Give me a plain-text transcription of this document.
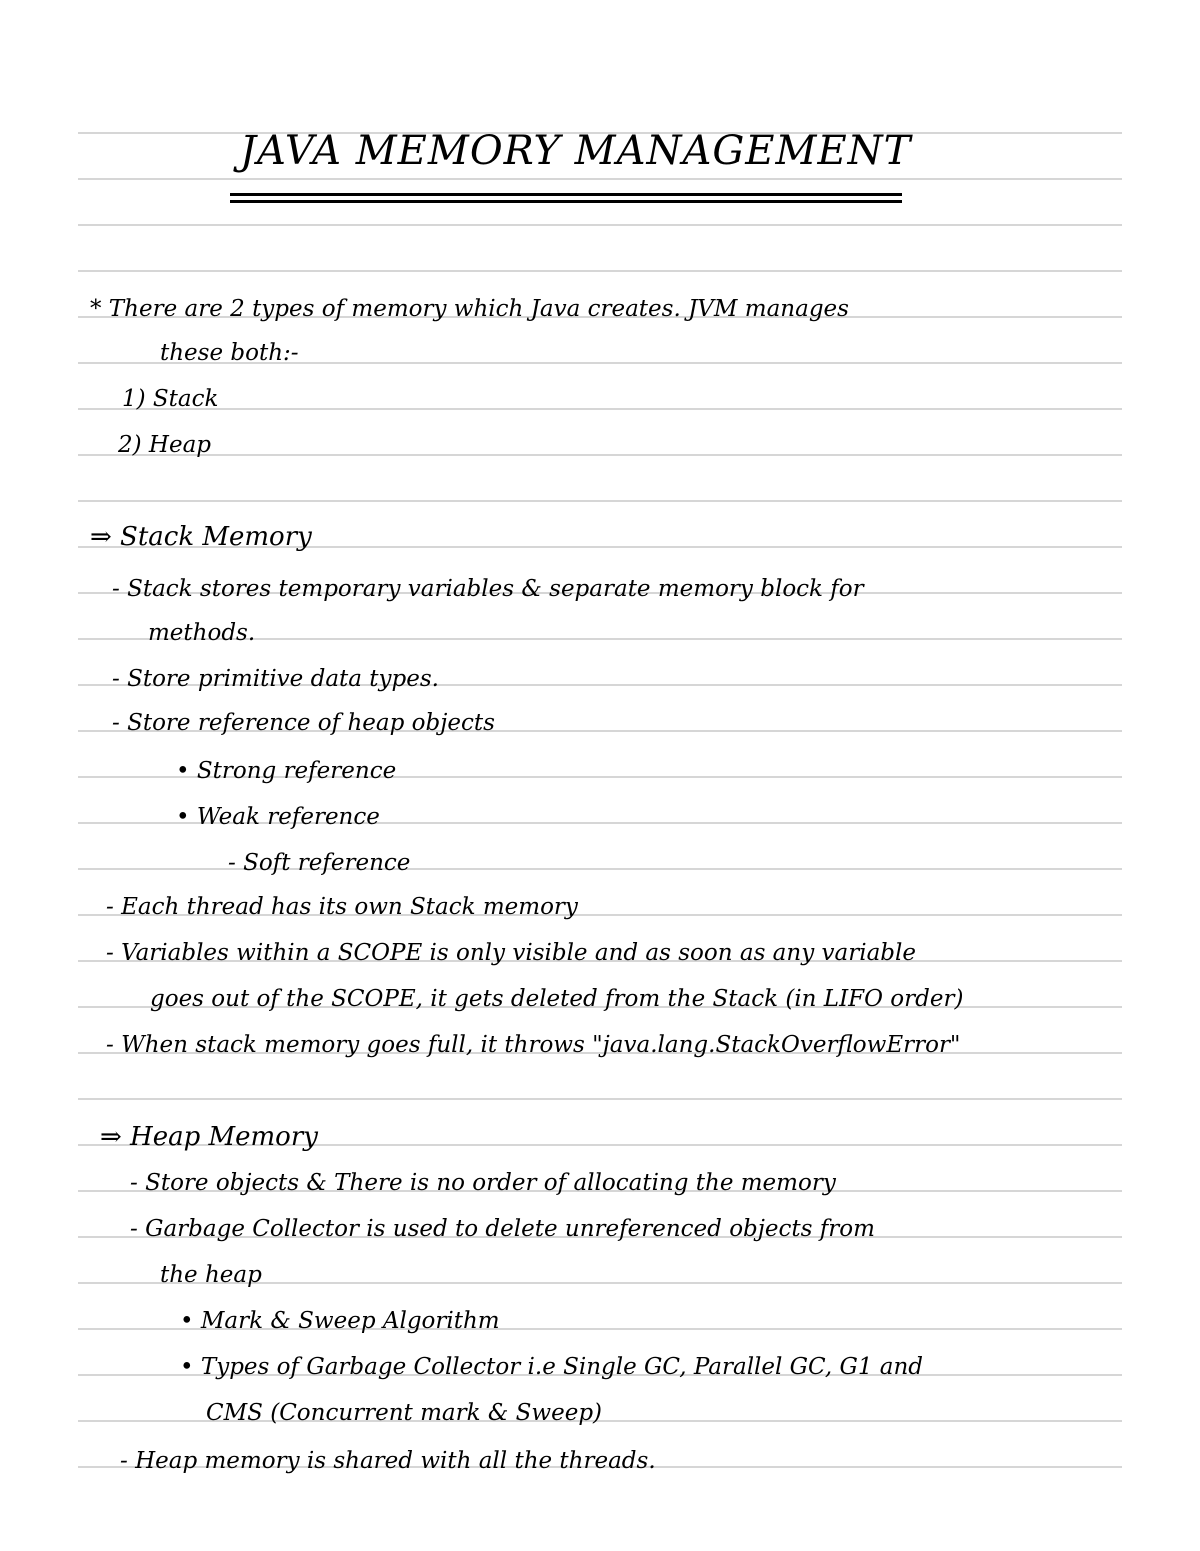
JAVA MEMORY MANAGEMENT
* There are 2 types of memory which Java creates. JVM manages
these both:-
1) Stack
2) Heap
⇒ Stack Memory
- Stack stores temporary variables & separate memory block for
methods.
- Store primitive data types.
- Store reference of heap objects
• Strong reference
• Weak reference
- Soft reference
- Each thread has its own Stack memory
- Variables within a SCOPE is only visible and as soon as any variable
goes out of the SCOPE, it gets deleted from the Stack (in LIFO order)
- When stack memory goes full, it throws "java.lang.StackOverflowError"
⇒ Heap Memory
- Store objects & There is no order of allocating the memory
- Garbage Collector is used to delete unreferenced objects from
the heap
• Mark & Sweep Algorithm
• Types of Garbage Collector i.e Single GC, Parallel GC, G1 and
CMS (Concurrent mark & Sweep)
- Heap memory is shared with all the threads.
